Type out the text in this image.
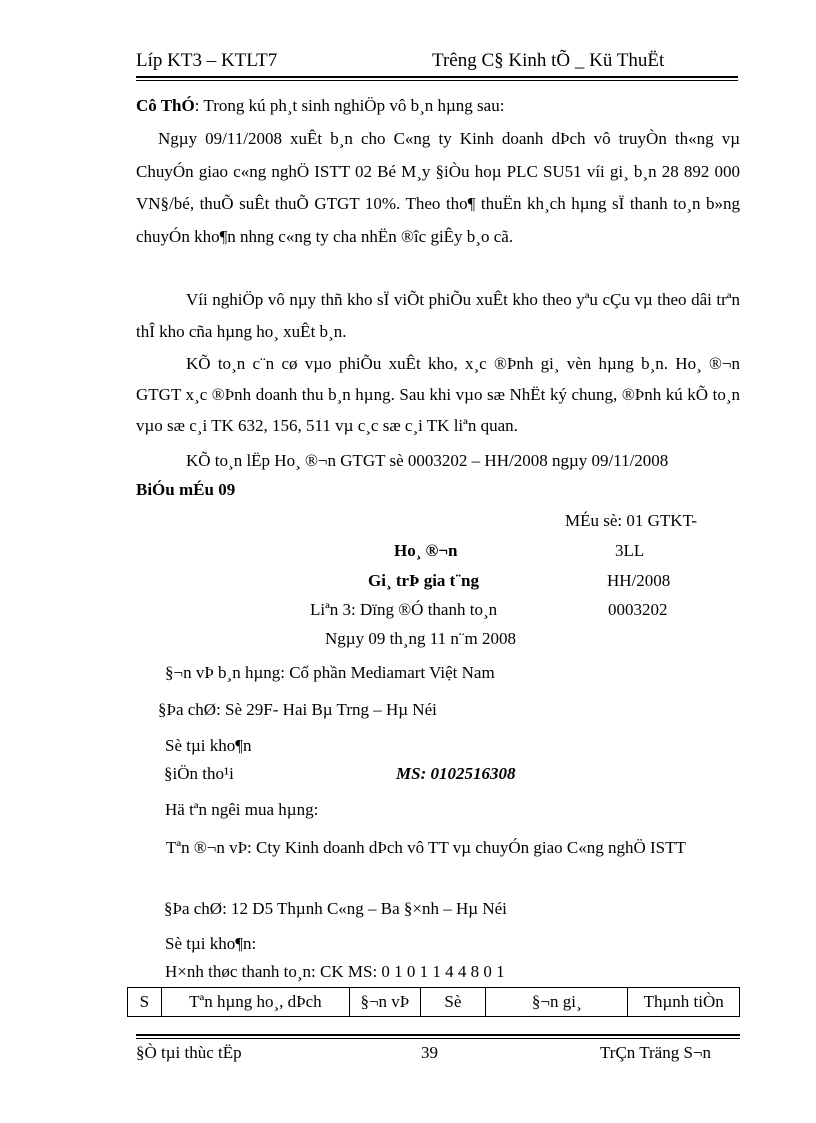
Líp KT3 – KTLT7	Trêng C§ Kinh tÕ _ Kü ThuËt
Cô ThÓ: Trong kú ph¸t sinh nghiÖp vô b¸n hµng sau:
Ngµy 09/11/2008 xuÊt b¸n cho C«ng ty Kinh doanh dÞch vô truyÒn th«ng vµ ChuyÓn giao c«ng nghÖ ISTT 02 Bé M¸y §iÒu hoµ PLC SU51 víi gi¸ b¸n 28 892 000 VN§/bé, thuÕ suÊt thuÕ GTGT 10%. Theo tho¶ thuËn kh¸ch hµng sÏ thanh to¸n b»ng chuyÓn kho¶n nhng c«ng ty cha nhËn ®îc giÊy b¸o cã.
Víi nghiÖp vô nµy thñ kho sÏ viÕt phiÕu xuÊt kho theo yªu cÇu vµ theo dâi trªn thÎ kho cña hµng ho¸ xuÊt b¸n.
KÕ to¸n c¨n cø vµo phiÕu xuÊt kho, x¸c ®Þnh gi¸ vèn hµng b¸n. Ho¸ ®¬n GTGT x¸c ®Þnh doanh thu b¸n hµng. Sau khi vµo sæ NhËt ký chung, ®Þnh kú kÕ to¸n vµo sæ c¸i TK 632, 156, 511 vµ c¸c sæ c¸i TK liªn quan.
KÕ to¸n lËp Ho¸ ®¬n GTGT sè 0003202 – HH/2008 ngµy 09/11/2008
BiÓu mÉu 09
MÉu sè: 01 GTKT-
3LL
HH/2008
0003202
Ho¸ ®¬n
Gi¸ trÞ gia t¨ng
Liªn 3: Dïng ®Ó thanh to¸n
Ngµy 09 th¸ng 11 n¨m 2008
§¬n vÞ b¸n hµng: Cổ phần Mediamart Việt Nam
§Þa chØ: Sè 29F- Hai Bµ Trng – Hµ Néi
Sè tµi kho¶n
§iÖn tho¹i	MS: 0102516308
Hä tªn ngêi mua hµng:
Tªn ®¬n vÞ: Cty Kinh doanh dÞch vô TT vµ chuyÓn giao C«ng nghÖ ISTT
§Þa chØ: 12 D5 Thµnh C«ng – Ba §×nh – Hµ Néi
Sè tµi kho¶n:
H×nh thøc thanh to¸n: CK MS: 0 1 0 1 1 4 4 8 0 1
S	Tªn hµng ho¸, dÞch	§¬n vÞ	Sè	§¬n gi¸	Thµnh tiÒn
§Ò tµi thùc tËp	39	TrÇn Träng S¬n
